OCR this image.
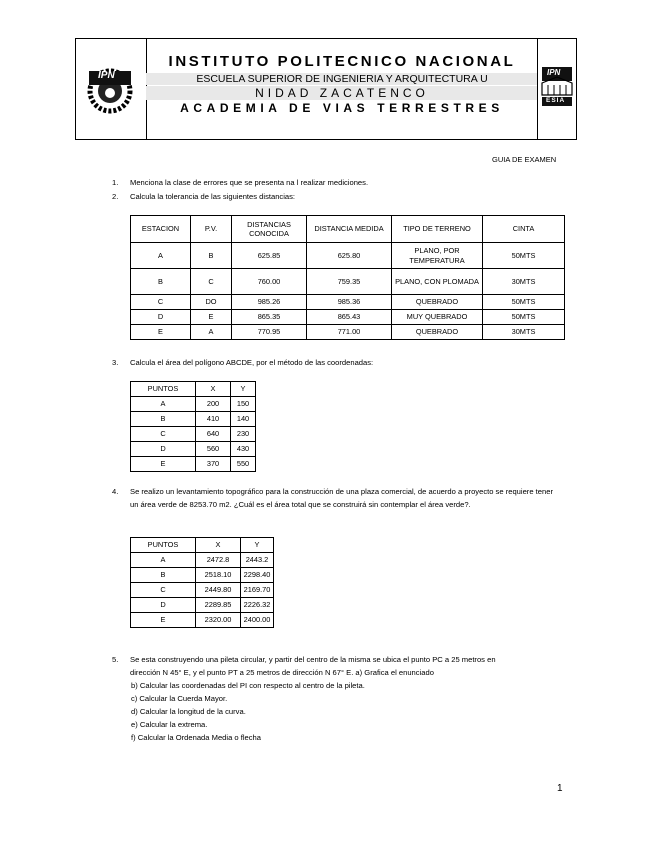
IPN
INSTITUTO POLITECNICO NACIONAL
ESCUELA SUPERIOR DE INGENIERIA Y ARQUITECTURA U
NIDAD ZACATENCO
ACADEMIA DE VIAS TERRESTRES
IPN
ESIA
GUIA DE EXAMEN
1.	Menciona la clase de errores que se presenta na l realizar mediciones.
2.	Calcula la tolerancia de las siguientes distancias:
ESTACION	P.V.	DISTANCIAS CONOCIDA	DISTANCIA MEDIDA	TIPO DE TERRENO	CINTA
A	B	625.85	625.80	PLANO, POR TEMPERATURA	50MTS
B	C	760.00	759.35	PLANO, CON PLOMADA	30MTS
C	DO	985.26	985.36	QUEBRADO	50MTS
D	E	865.35	865.43	MUY QUEBRADO	50MTS
E	A	770.95	771.00	QUEBRADO	30MTS
3.	Calcula el área del polígono ABCDE, por el método de las coordenadas:
PUNTOS	X	Y
A	200	150
B	410	140
C	640	230
D	560	430
E	370	550
4.	Se realizo un levantamiento topográfico para la construcción de una plaza comercial, de acuerdo a proyecto se requiere tener un área verde de 8253.70 m2. ¿Cuál es el área total que se construirá sin contemplar el área verde?.
PUNTOS	X	Y
A	2472.8	2443.2
B	2518.10	2298.40
C	2449.80	2169.70
D	2289.85	2226.32
E	2320.00	2400.00
5.	Se esta construyendo una pileta circular, y partir del centro de la misma se ubica el punto PC a 25 metros en
dirección N 45° E, y el punto PT a 25 metros de dirección N 67° E. a) Grafica el enunciado
b) Calcular las coordenadas del PI con respecto al centro de la pileta.
c) Calcular la Cuerda Mayor.
d) Calcular la longitud de la curva.
e) Calcular la extrema.
f) Calcular la Ordenada Media o flecha
1
